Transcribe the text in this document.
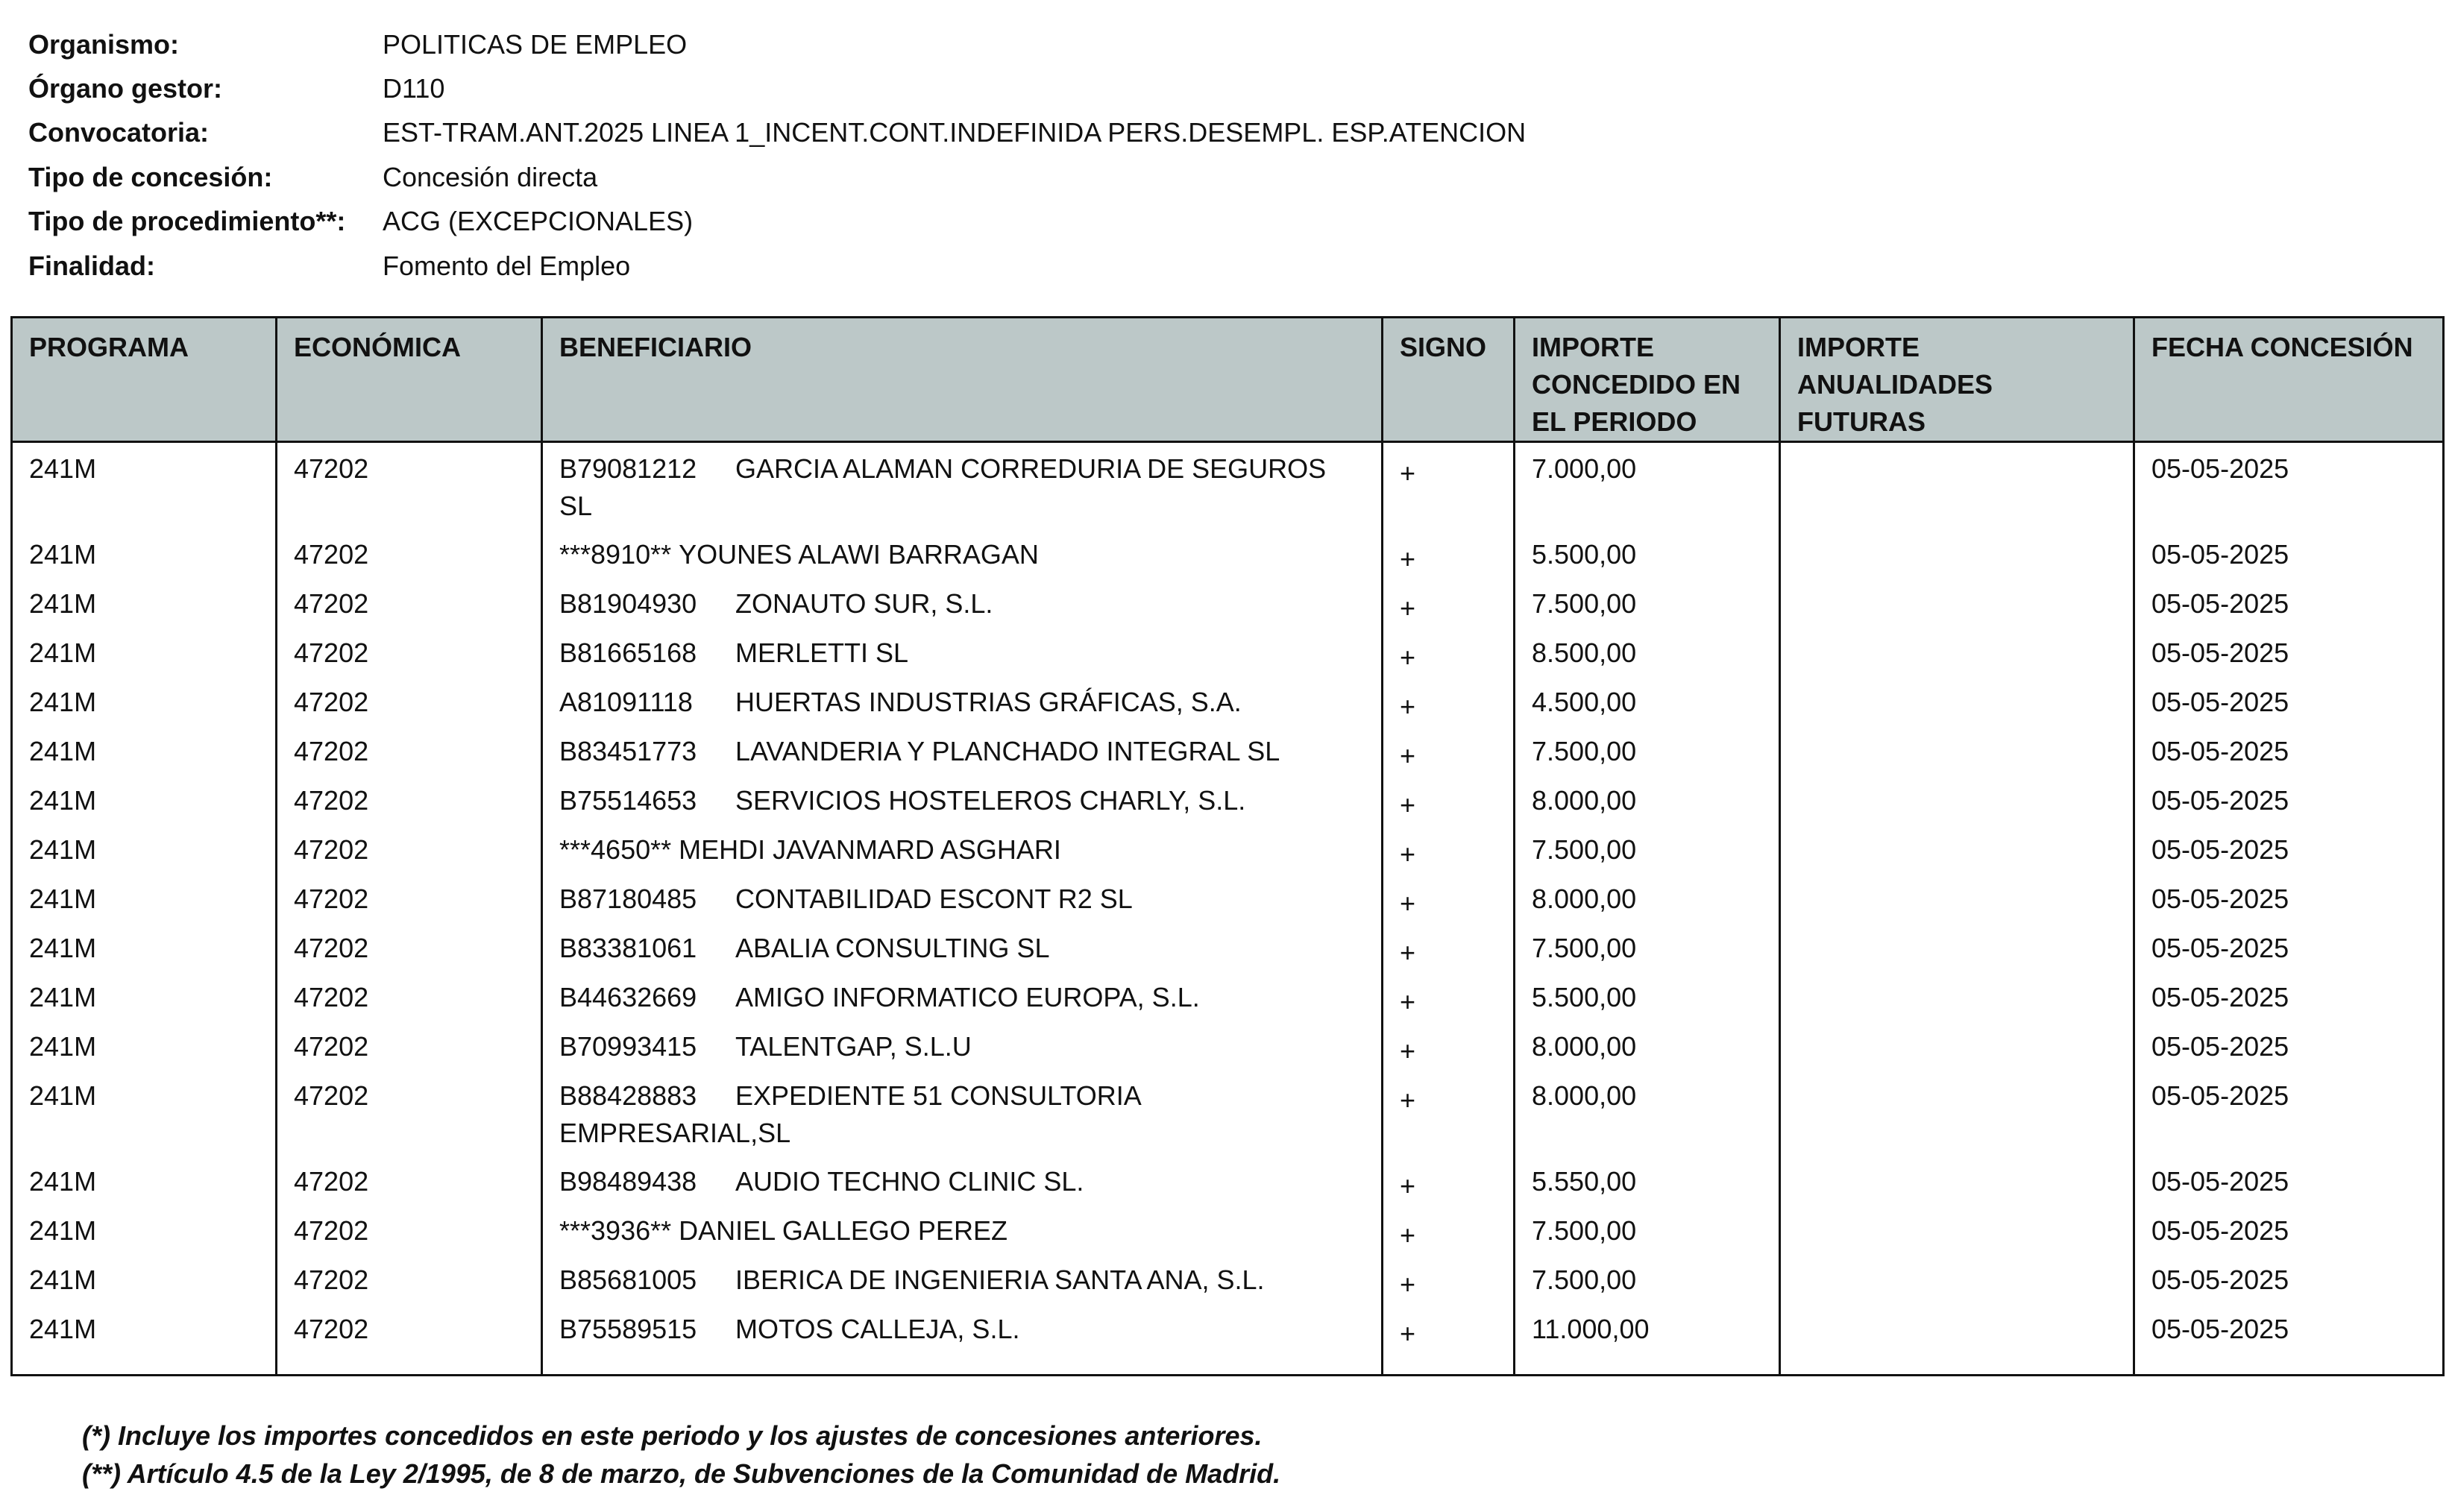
Organismo:	POLITICAS DE EMPLEO
Órgano gestor:	D110
Convocatoria:	EST-TRAM.ANT.2025 LINEA 1_INCENT.CONT.INDEFINIDA PERS.DESEMPL. ESP.ATENCION
Tipo de concesión:	Concesión directa
Tipo de procedimiento**:	ACG (EXCEPCIONALES)
Finalidad:	Fomento del Empleo
PROGRAMA	ECONÓMICA	BENEFICIARIO	SIGNO	IMPORTE CONCEDIDO EN EL PERIODO	IMPORTE ANUALIDADES FUTURAS	FECHA CONCESIÓN
241M	47202	B79081212 GARCIA ALAMAN CORREDURIA DE SEGUROS SL	+	7.000,00		05-05-2025
241M	47202	***8910** YOUNES ALAWI BARRAGAN	+	5.500,00		05-05-2025
241M	47202	B81904930 ZONAUTO SUR, S.L.	+	7.500,00		05-05-2025
241M	47202	B81665168 MERLETTI SL	+	8.500,00		05-05-2025
241M	47202	A81091118 HUERTAS INDUSTRIAS GRÁFICAS, S.A.	+	4.500,00		05-05-2025
241M	47202	B83451773 LAVANDERIA Y PLANCHADO INTEGRAL SL	+	7.500,00		05-05-2025
241M	47202	B75514653 SERVICIOS HOSTELEROS CHARLY, S.L.	+	8.000,00		05-05-2025
241M	47202	***4650** MEHDI JAVANMARD ASGHARI	+	7.500,00		05-05-2025
241M	47202	B87180485 CONTABILIDAD ESCONT R2 SL	+	8.000,00		05-05-2025
241M	47202	B83381061 ABALIA CONSULTING SL	+	7.500,00		05-05-2025
241M	47202	B44632669 AMIGO INFORMATICO EUROPA, S.L.	+	5.500,00		05-05-2025
241M	47202	B70993415 TALENTGAP, S.L.U	+	8.000,00		05-05-2025
241M	47202	B88428883 EXPEDIENTE 51 CONSULTORIA EMPRESARIAL,SL	+	8.000,00		05-05-2025
241M	47202	B98489438 AUDIO TECHNO CLINIC SL.	+	5.550,00		05-05-2025
241M	47202	***3936** DANIEL GALLEGO PEREZ	+	7.500,00		05-05-2025
241M	47202	B85681005 IBERICA DE INGENIERIA SANTA ANA, S.L.	+	7.500,00		05-05-2025
241M	47202	B75589515 MOTOS CALLEJA, S.L.	+	11.000,00		05-05-2025
(*) Incluye los importes concedidos en este periodo y los ajustes de concesiones anteriores.
(**) Artículo 4.5 de la Ley 2/1995, de 8 de marzo, de Subvenciones de la Comunidad de Madrid.
